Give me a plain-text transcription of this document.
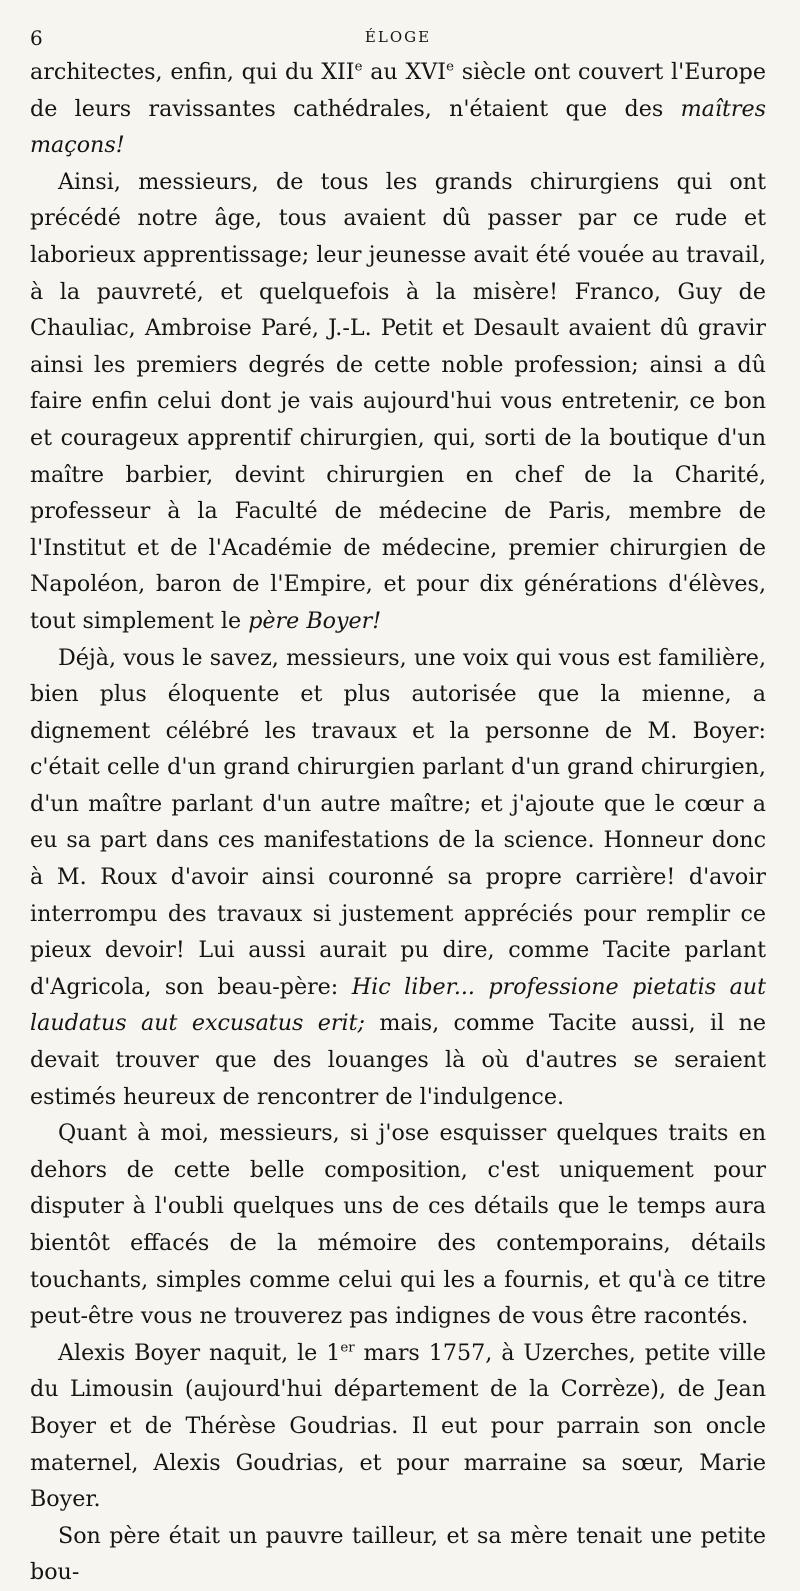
6	ÉLOGE

architectes, enfin, qui du XIIe au XVIe siècle ont couvert l'Europe de leurs ravissantes cathédrales, n'étaient que des maîtres maçons!

Ainsi, messieurs, de tous les grands chirurgiens qui ont précédé notre âge, tous avaient dû passer par ce rude et laborieux apprentissage; leur jeunesse avait été vouée au travail, à la pauvreté, et quelquefois à la misère! Franco, Guy de Chauliac, Ambroise Paré, J.-L. Petit et Desault avaient dû gravir ainsi les premiers degrés de cette noble profession; ainsi a dû faire enfin celui dont je vais aujourd'hui vous entretenir, ce bon et courageux apprentif chirurgien, qui, sorti de la boutique d'un maître barbier, devint chirurgien en chef de la Charité, professeur à la Faculté de médecine de Paris, membre de l'Institut et de l'Académie de médecine, premier chirurgien de Napoléon, baron de l'Empire, et pour dix générations d'élèves, tout simplement le père Boyer!

Déjà, vous le savez, messieurs, une voix qui vous est familière, bien plus éloquente et plus autorisée que la mienne, a dignement célébré les travaux et la personne de M. Boyer: c'était celle d'un grand chirurgien parlant d'un grand chirurgien, d'un maître parlant d'un autre maître; et j'ajoute que le cœur a eu sa part dans ces manifestations de la science. Honneur donc à M. Roux d'avoir ainsi couronné sa propre carrière! d'avoir interrompu des travaux si justement appréciés pour remplir ce pieux devoir! Lui aussi aurait pu dire, comme Tacite parlant d'Agricola, son beau-père: Hic liber... professione pietatis aut laudatus aut excusatus erit; mais, comme Tacite aussi, il ne devait trouver que des louanges là où d'autres se seraient estimés heureux de rencontrer de l'indulgence.

Quant à moi, messieurs, si j'ose esquisser quelques traits en dehors de cette belle composition, c'est uniquement pour disputer à l'oubli quelques uns de ces détails que le temps aura bientôt effacés de la mémoire des contemporains, détails touchants, simples comme celui qui les a fournis, et qu'à ce titre peut-être vous ne trouverez pas indignes de vous être racontés.

Alexis Boyer naquit, le 1er mars 1757, à Uzerches, petite ville du Limousin (aujourd'hui département de la Corrèze), de Jean Boyer et de Thérèse Goudrias. Il eut pour parrain son oncle maternel, Alexis Goudrias, et pour marraine sa sœur, Marie Boyer.

Son père était un pauvre tailleur, et sa mère tenait une petite bou-
